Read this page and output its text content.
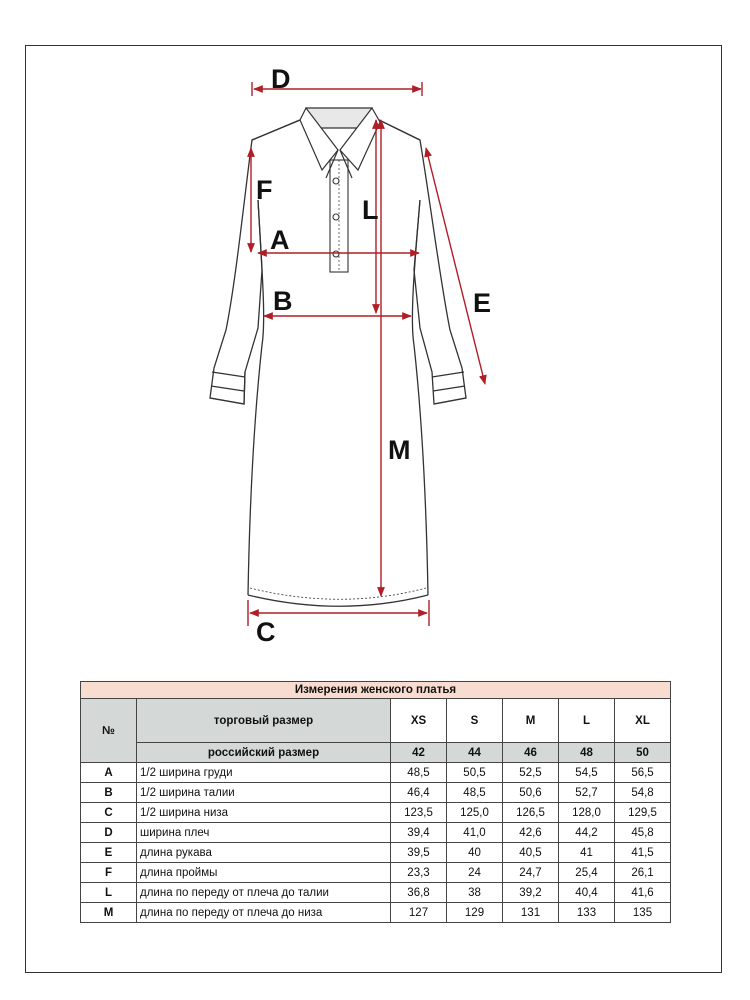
D
F
L
A
B	E
M
C
Измерения женского платья						
№	торговый размер	XS	S	M	L	XL
	российский размер	42	44	46	48	50
A	1/2 ширина груди	48,5	50,5	52,5	54,5	56,5
B	1/2 ширина талии	46,4	48,5	50,6	52,7	54,8
C	1/2 ширина низа	123,5	125,0	126,5	128,0	129,5
D	ширина плеч	39,4	41,0	42,6	44,2	45,8
E	длина рукава	39,5	40	40,5	41	41,5
F	длина проймы	23,3	24	24,7	25,4	26,1
L	длина по переду от плеча до талии	36,8	38	39,2	40,4	41,6
M	длина по переду от плеча до низа	127	129	131	133	135
